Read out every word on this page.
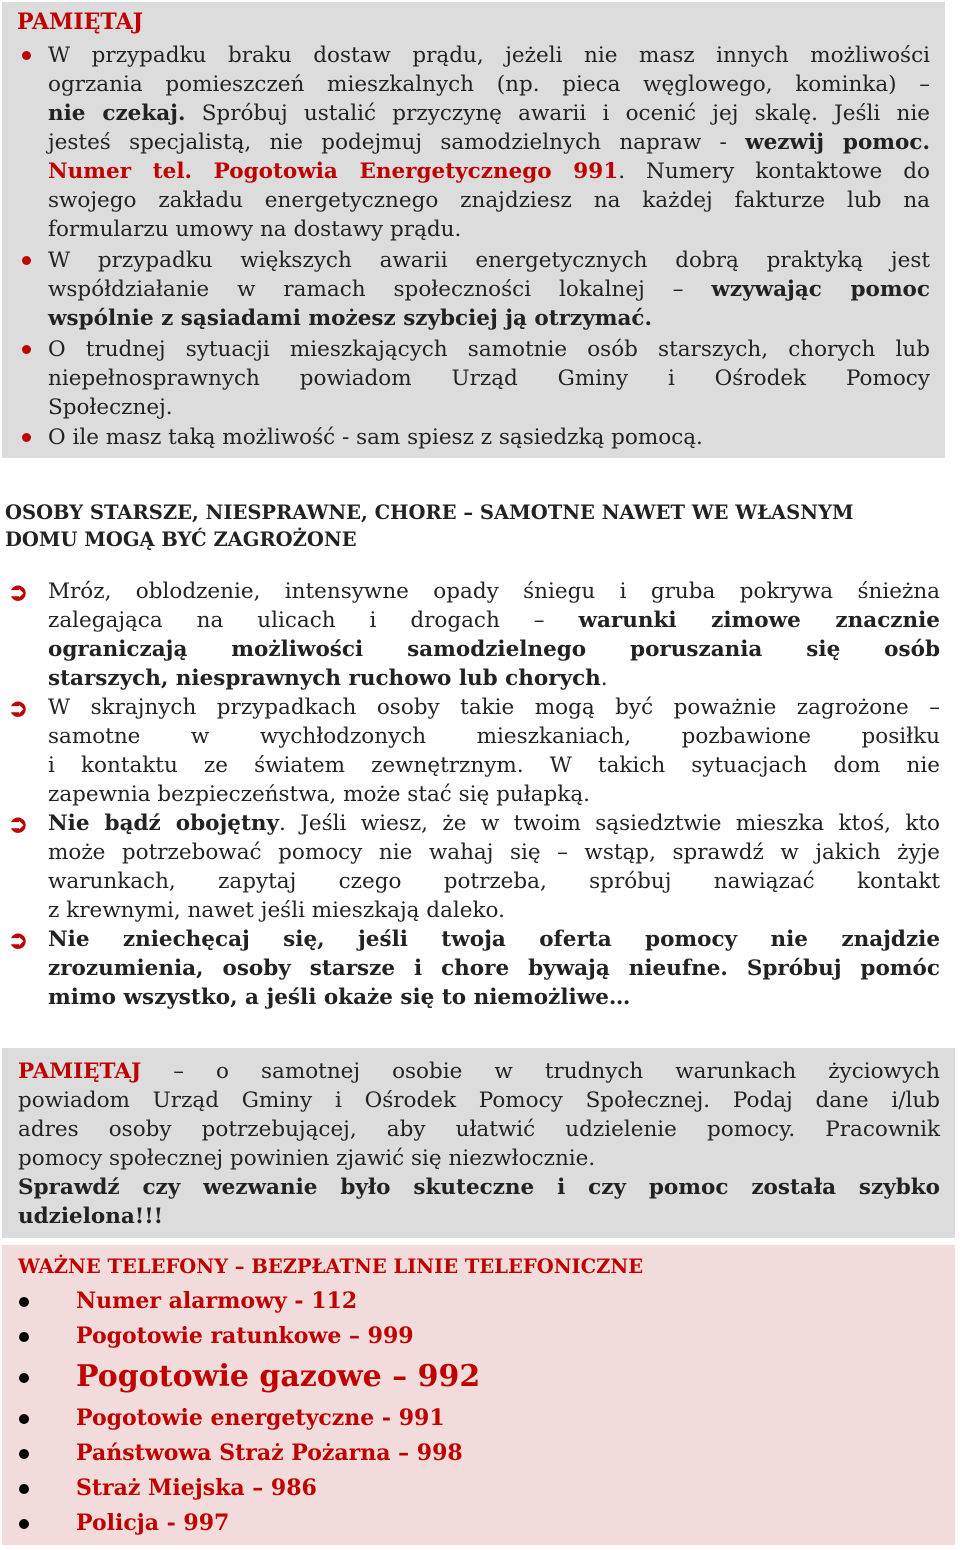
PAMIĘTAJ
W przypadku braku dostaw prądu, jeżeli nie masz innych możliwości
ogrzania pomieszczeń mieszkalnych (np. pieca węglowego, kominka) –
nie czekaj. Spróbuj ustalić przyczynę awarii i ocenić jej skalę. Jeśli nie
jesteś specjalistą, nie podejmuj samodzielnych napraw - wezwij pomoc.
Numer tel. Pogotowia Energetycznego 991. Numery kontaktowe do
swojego zakładu energetycznego znajdziesz na każdej fakturze lub na
formularzu umowy na dostawy prądu.
W przypadku większych awarii energetycznych dobrą praktyką jest
współdziałanie w ramach społeczności lokalnej – wzywając pomoc
wspólnie z sąsiadami możesz szybciej ją otrzymać.
O trudnej sytuacji mieszkających samotnie osób starszych, chorych lub
niepełnosprawnych powiadom Urząd Gminy i Ośrodek Pomocy
Społecznej.
O ile masz taką możliwość - sam spiesz z sąsiedzką pomocą.
OSOBY STARSZE, NIESPRAWNE, CHORE – SAMOTNE NAWET WE WŁASNYM
DOMU MOGĄ BYĆ ZAGROŻONE
➲ Mróz, oblodzenie, intensywne opady śniegu i gruba pokrywa śnieżna
zalegająca na ulicach i drogach – warunki zimowe znacznie
ograniczają możliwości samodzielnego poruszania się osób
starszych, niesprawnych ruchowo lub chorych.
➲ W skrajnych przypadkach osoby takie mogą być poważnie zagrożone –
samotne w wychłodzonych mieszkaniach, pozbawione posiłku
i kontaktu ze światem zewnętrznym. W takich sytuacjach dom nie
zapewnia bezpieczeństwa, może stać się pułapką.
➲ Nie bądź obojętny. Jeśli wiesz, że w twoim sąsiedztwie mieszka ktoś, kto
może potrzebować pomocy nie wahaj się – wstąp, sprawdź w jakich żyje
warunkach, zapytaj czego potrzeba, spróbuj nawiązać kontakt
z krewnymi, nawet jeśli mieszkają daleko.
➲ Nie zniechęcaj się, jeśli twoja oferta pomocy nie znajdzie
zrozumienia, osoby starsze i chore bywają nieufne. Spróbuj pomóc
mimo wszystko, a jeśli okaże się to niemożliwe…
PAMIĘTAJ – o samotnej osobie w trudnych warunkach życiowych
powiadom Urząd Gminy i Ośrodek Pomocy Społecznej. Podaj dane i/lub
adres osoby potrzebującej, aby ułatwić udzielenie pomocy. Pracownik
pomocy społecznej powinien zjawić się niezwłocznie.
Sprawdź czy wezwanie było skuteczne i czy pomoc została szybko
udzielona!!!
WAŻNE TELEFONY – BEZPŁATNE LINIE TELEFONICZNE
Numer alarmowy - 112
Pogotowie ratunkowe – 999
Pogotowie gazowe – 992
Pogotowie energetyczne - 991
Państwowa Straż Pożarna – 998
Straż Miejska – 986
Policja - 997
